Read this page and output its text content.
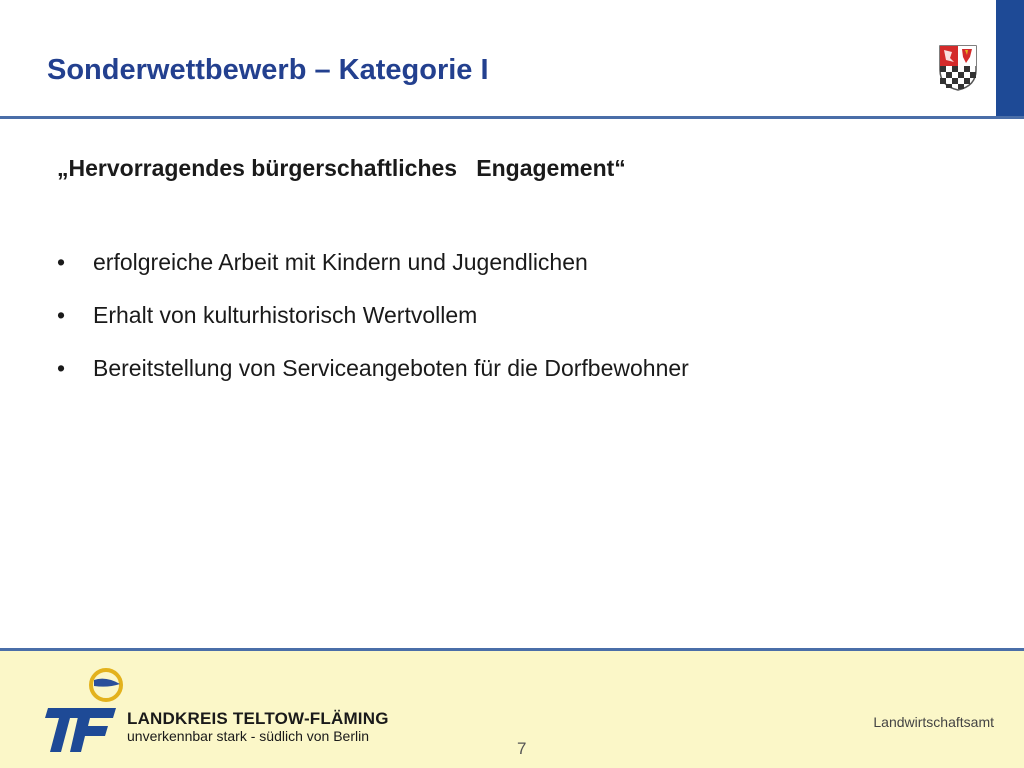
Sonderwettbewerb – Kategorie I
„Hervorragendes bürgerschaftliches   Engagement“
•	erfolgreiche Arbeit mit Kindern und Jugendlichen
•	Erhalt von kulturhistorisch Wertvollem
•	Bereitstellung von Serviceangeboten für die Dorfbewohner
LANDKREIS TELTOW-FLÄMING
unverkennbar stark - südlich von Berlin
Landwirtschaftsamt
7
